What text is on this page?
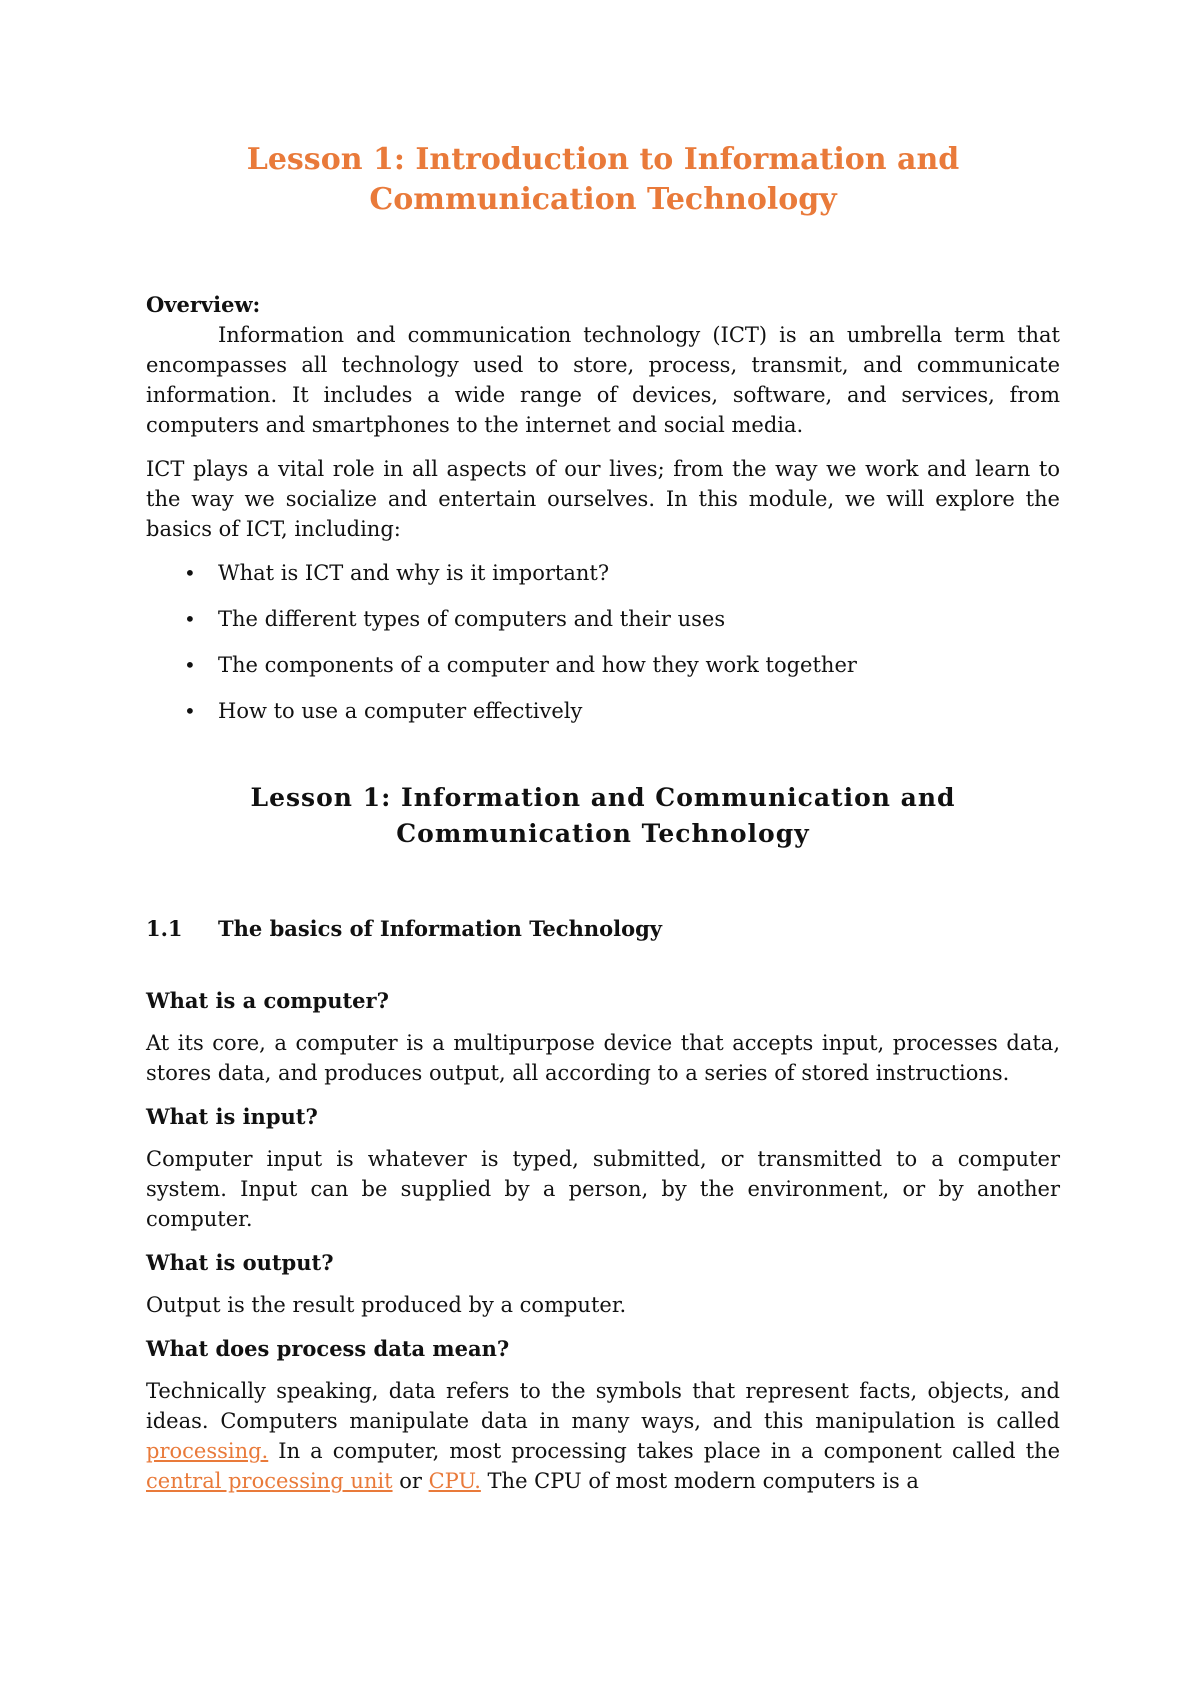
Lesson 1: Introduction to Information and
Communication Technology
Overview:

Information and communication technology (ICT) is an umbrella term that encompasses all technology used to store, process, transmit, and communicate information. It includes a wide range of devices, software, and services, from computers and smartphones to the internet and social media.

ICT plays a vital role in all aspects of our lives; from the way we work and learn to the way we socialize and entertain ourselves. In this module, we will explore the basics of ICT, including:

• What is ICT and why is it important?
• The different types of computers and their uses
• The components of a computer and how they work together
• How to use a computer effectively
Lesson 1: Information and Communication and
Communication Technology
1.1	The basics of Information Technology
What is a computer?

At its core, a computer is a multipurpose device that accepts input, processes data, stores data, and produces output, all according to a series of stored instructions.

What is input?

Computer input is whatever is typed, submitted, or transmitted to a computer system. Input can be supplied by a person, by the environment, or by another computer.

What is output?

Output is the result produced by a computer.

What does process data mean?

Technically speaking, data refers to the symbols that represent facts, objects, and ideas. Computers manipulate data in many ways, and this manipulation is called processing. In a computer, most processing takes place in a component called the central processing unit or CPU. The CPU of most modern computers is a
